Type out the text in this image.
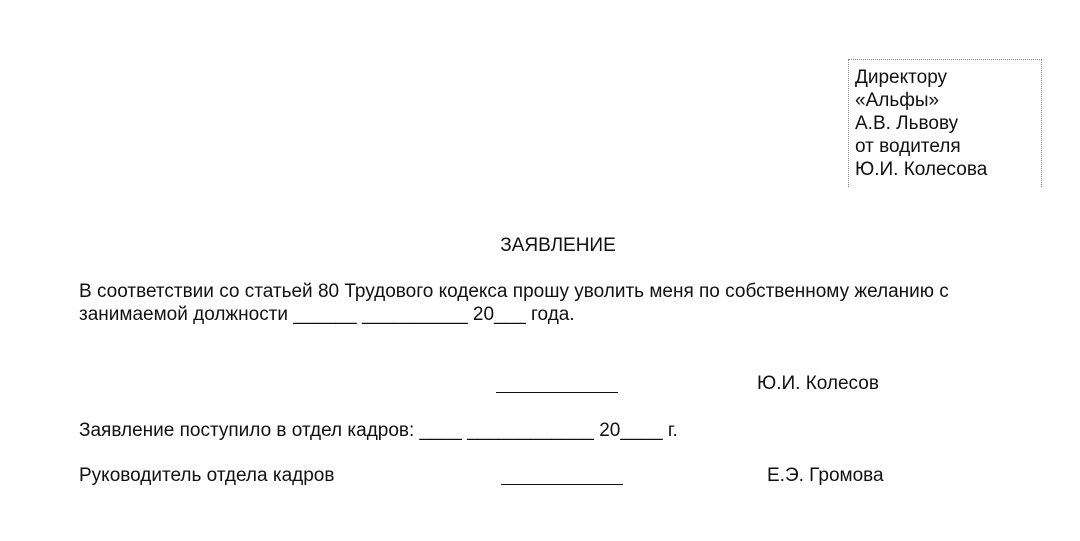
Директору
«Альфы»
А.В. Львову
от водителя
Ю.И. Колесова
ЗАЯВЛЕНИЕ
В соответствии со статьей 80 Трудового кодекса прошу уволить меня по собственному желанию с
занимаемой должности ______ __________ 20___ года.
Ю.И. Колесов
Заявление поступило в отдел кадров: ____ ____________ 20____ г.
Руководитель отдела кадров	Е.Э. Громова
